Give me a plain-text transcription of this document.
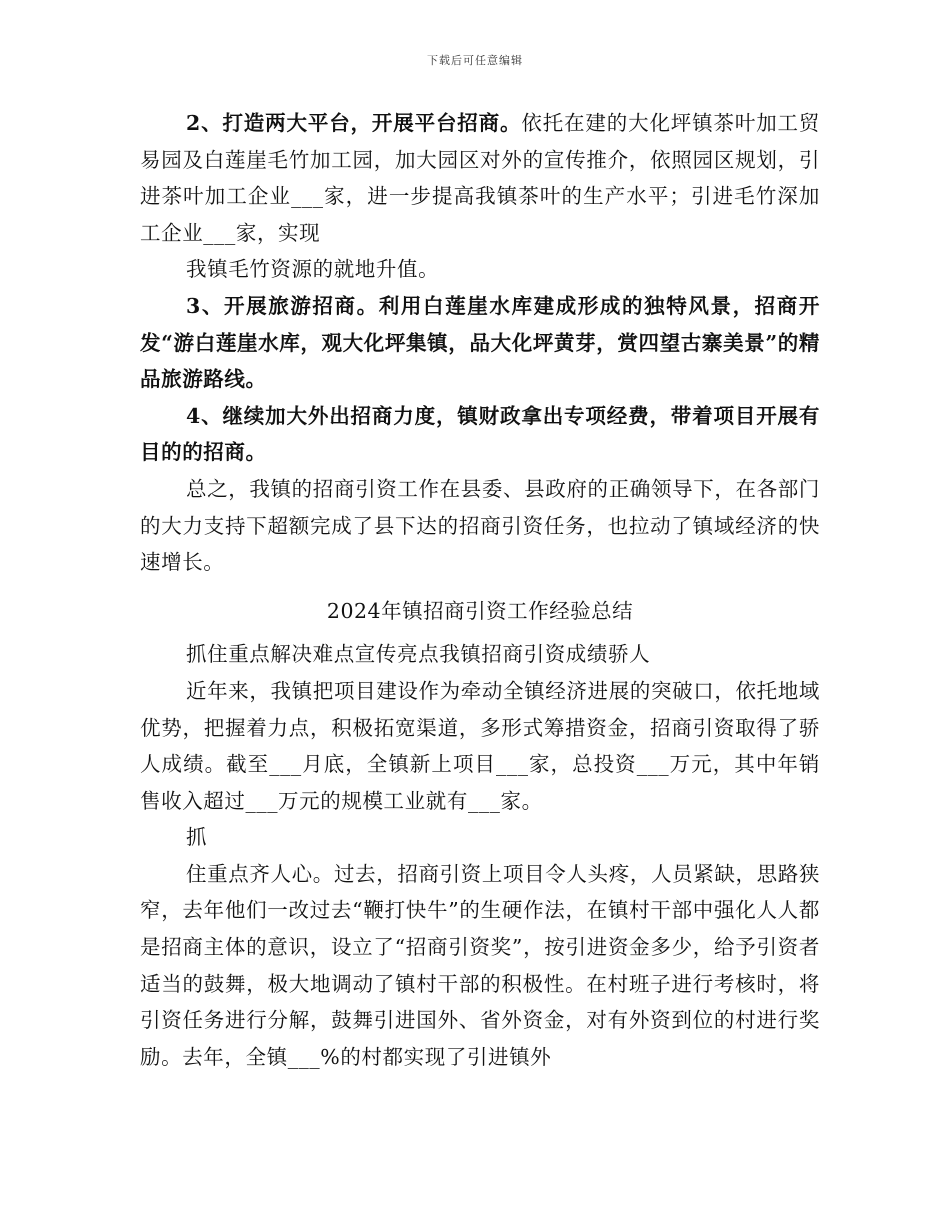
下载后可任意编辑

2、打造两大平台，开展平台招商。依托在建的大化坪镇茶叶加工贸易园及白莲崖毛竹加工园，加大园区对外的宣传推介，依照园区规划，引进茶叶加工企业___家，进一步提高我镇茶叶的生产水平；引进毛竹深加工企业___家，实现

我镇毛竹资源的就地升值。

3、开展旅游招商。利用白莲崖水库建成形成的独特风景，招商开发“游白莲崖水库，观大化坪集镇，品大化坪黄芽，赏四望古寨美景”的精品旅游路线。

4、继续加大外出招商力度，镇财政拿出专项经费，带着项目开展有目的的招商。

总之，我镇的招商引资工作在县委、县政府的正确领导下，在各部门的大力支持下超额完成了县下达的招商引资任务，也拉动了镇域经济的快速增长。

2024年镇招商引资工作经验总结

抓住重点解决难点宣传亮点我镇招商引资成绩骄人

近年来，我镇把项目建设作为牵动全镇经济进展的突破口，依托地域优势，把握着力点，积极拓宽渠道，多形式筹措资金，招商引资取得了骄人成绩。截至___月底，全镇新上项目___家，总投资___万元，其中年销售收入超过___万元的规模工业就有___家。

抓

住重点齐人心。过去，招商引资上项目令人头疼，人员紧缺，思路狭窄，去年他们一改过去“鞭打快牛”的生硬作法，在镇村干部中强化人人都是招商主体的意识，设立了“招商引资奖”，按引进资金多少，给予引资者适当的鼓舞，极大地调动了镇村干部的积极性。在村班子进行考核时，将引资任务进行分解，鼓舞引进国外、省外资金，对有外资到位的村进行奖励。去年，全镇___%的村都实现了引进镇外
